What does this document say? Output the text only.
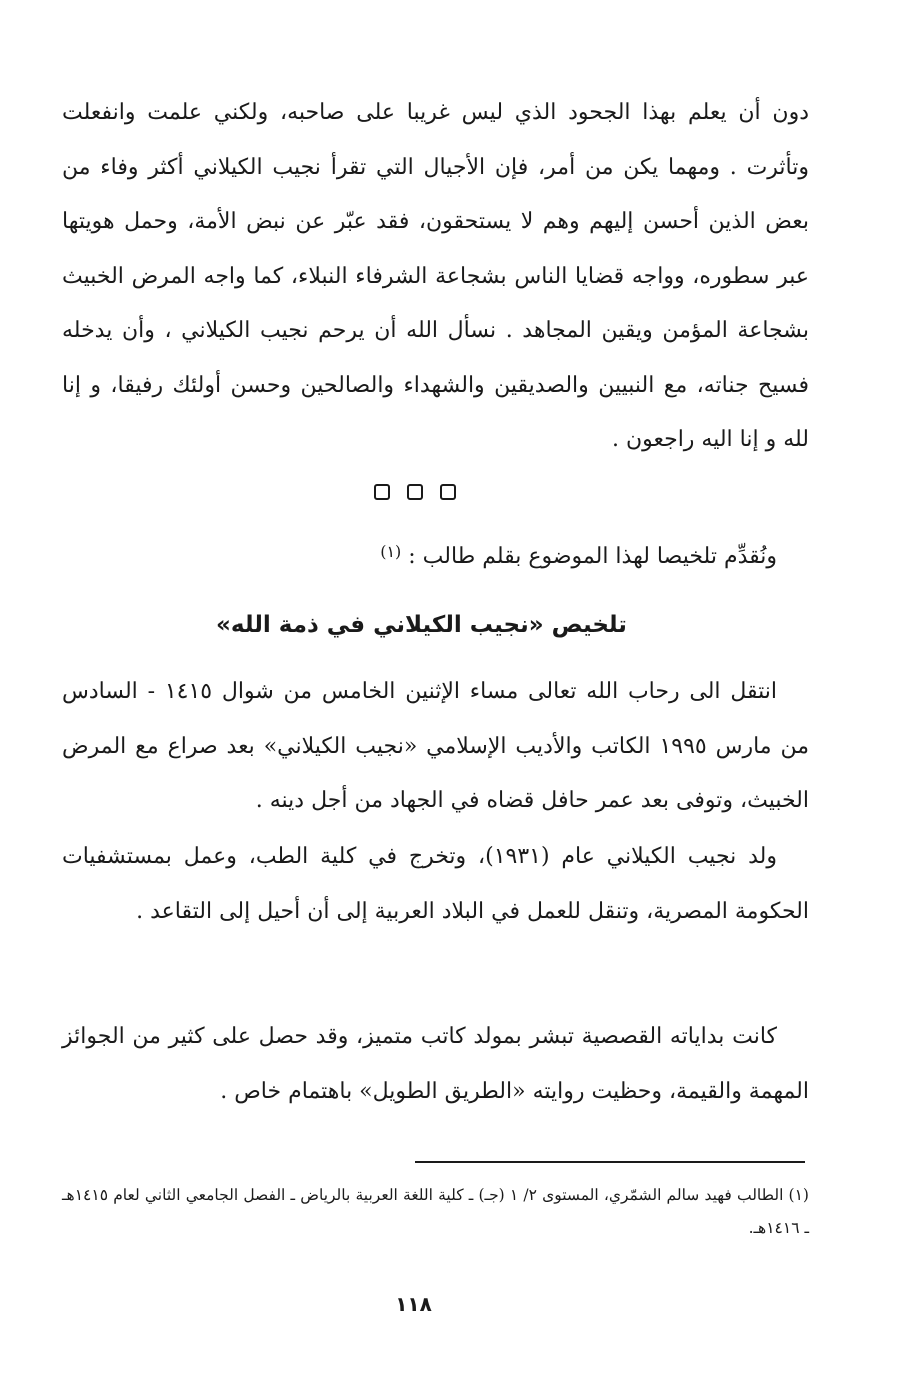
دون أن يعلم بهذا الجحود الذي ليس غريبا على صاحبه، ولكني علمت وانفعلت وتأثرت . ومهما يكن من أمر، فإن الأجيال التي تقرأ نجيب الكيلاني أكثر وفاء من بعض الذين أحسن إليهم وهم لا يستحقون، فقد عبّر عن نبض الأمة، وحمل هويتها عبر سطوره، وواجه قضايا الناس بشجاعة الشرفاء النبلاء، كما واجه المرض الخبيث بشجاعة المؤمن ويقين المجاهد . نسأل الله أن يرحم نجيب الكيلاني ، وأن يدخله فسيح جناته، مع النبيين والصديقين والشهداء والصالحين وحسن أولئك رفيقا، و إنا لله و إنا اليه راجعون .

ونُقدِّم تلخيصا لهذا الموضوع بقلم طالب : $^{(١)}$

تلخيص «نجيب الكيلاني في ذمة الله»

انتقل الى رحاب الله تعالى مساء الإثنين الخامس من شوال ١٤١٥ - السادس من مارس ١٩٩٥ الكاتب والأديب الإسلامي «نجيب الكيلاني» بعد صراع مع المرض الخبيث، وتوفى بعد عمر حافل قضاه في الجهاد من أجل دينه .

ولد نجيب الكيلاني عام (١٩٣١)، وتخرج في كلية الطب، وعمل بمستشفيات الحكومة المصرية، وتنقل للعمل في البلاد العربية إلى أن أحيل إلى التقاعد .

كانت بداياته القصصية تبشر بمولد كاتب متميز، وقد حصل على كثير من الجوائز المهمة والقيمة، وحظيت روايته «الطريق الطويل» باهتمام خاص .

(١) الطالب فهيد سالم الشمّري، المستوى ٢/ ١ (جـ) ـ كلية اللغة العربية بالرياض ـ الفصل الجامعي الثاني لعام ١٤١٥هـ ـ ١٤١٦هـ.

١١٨
